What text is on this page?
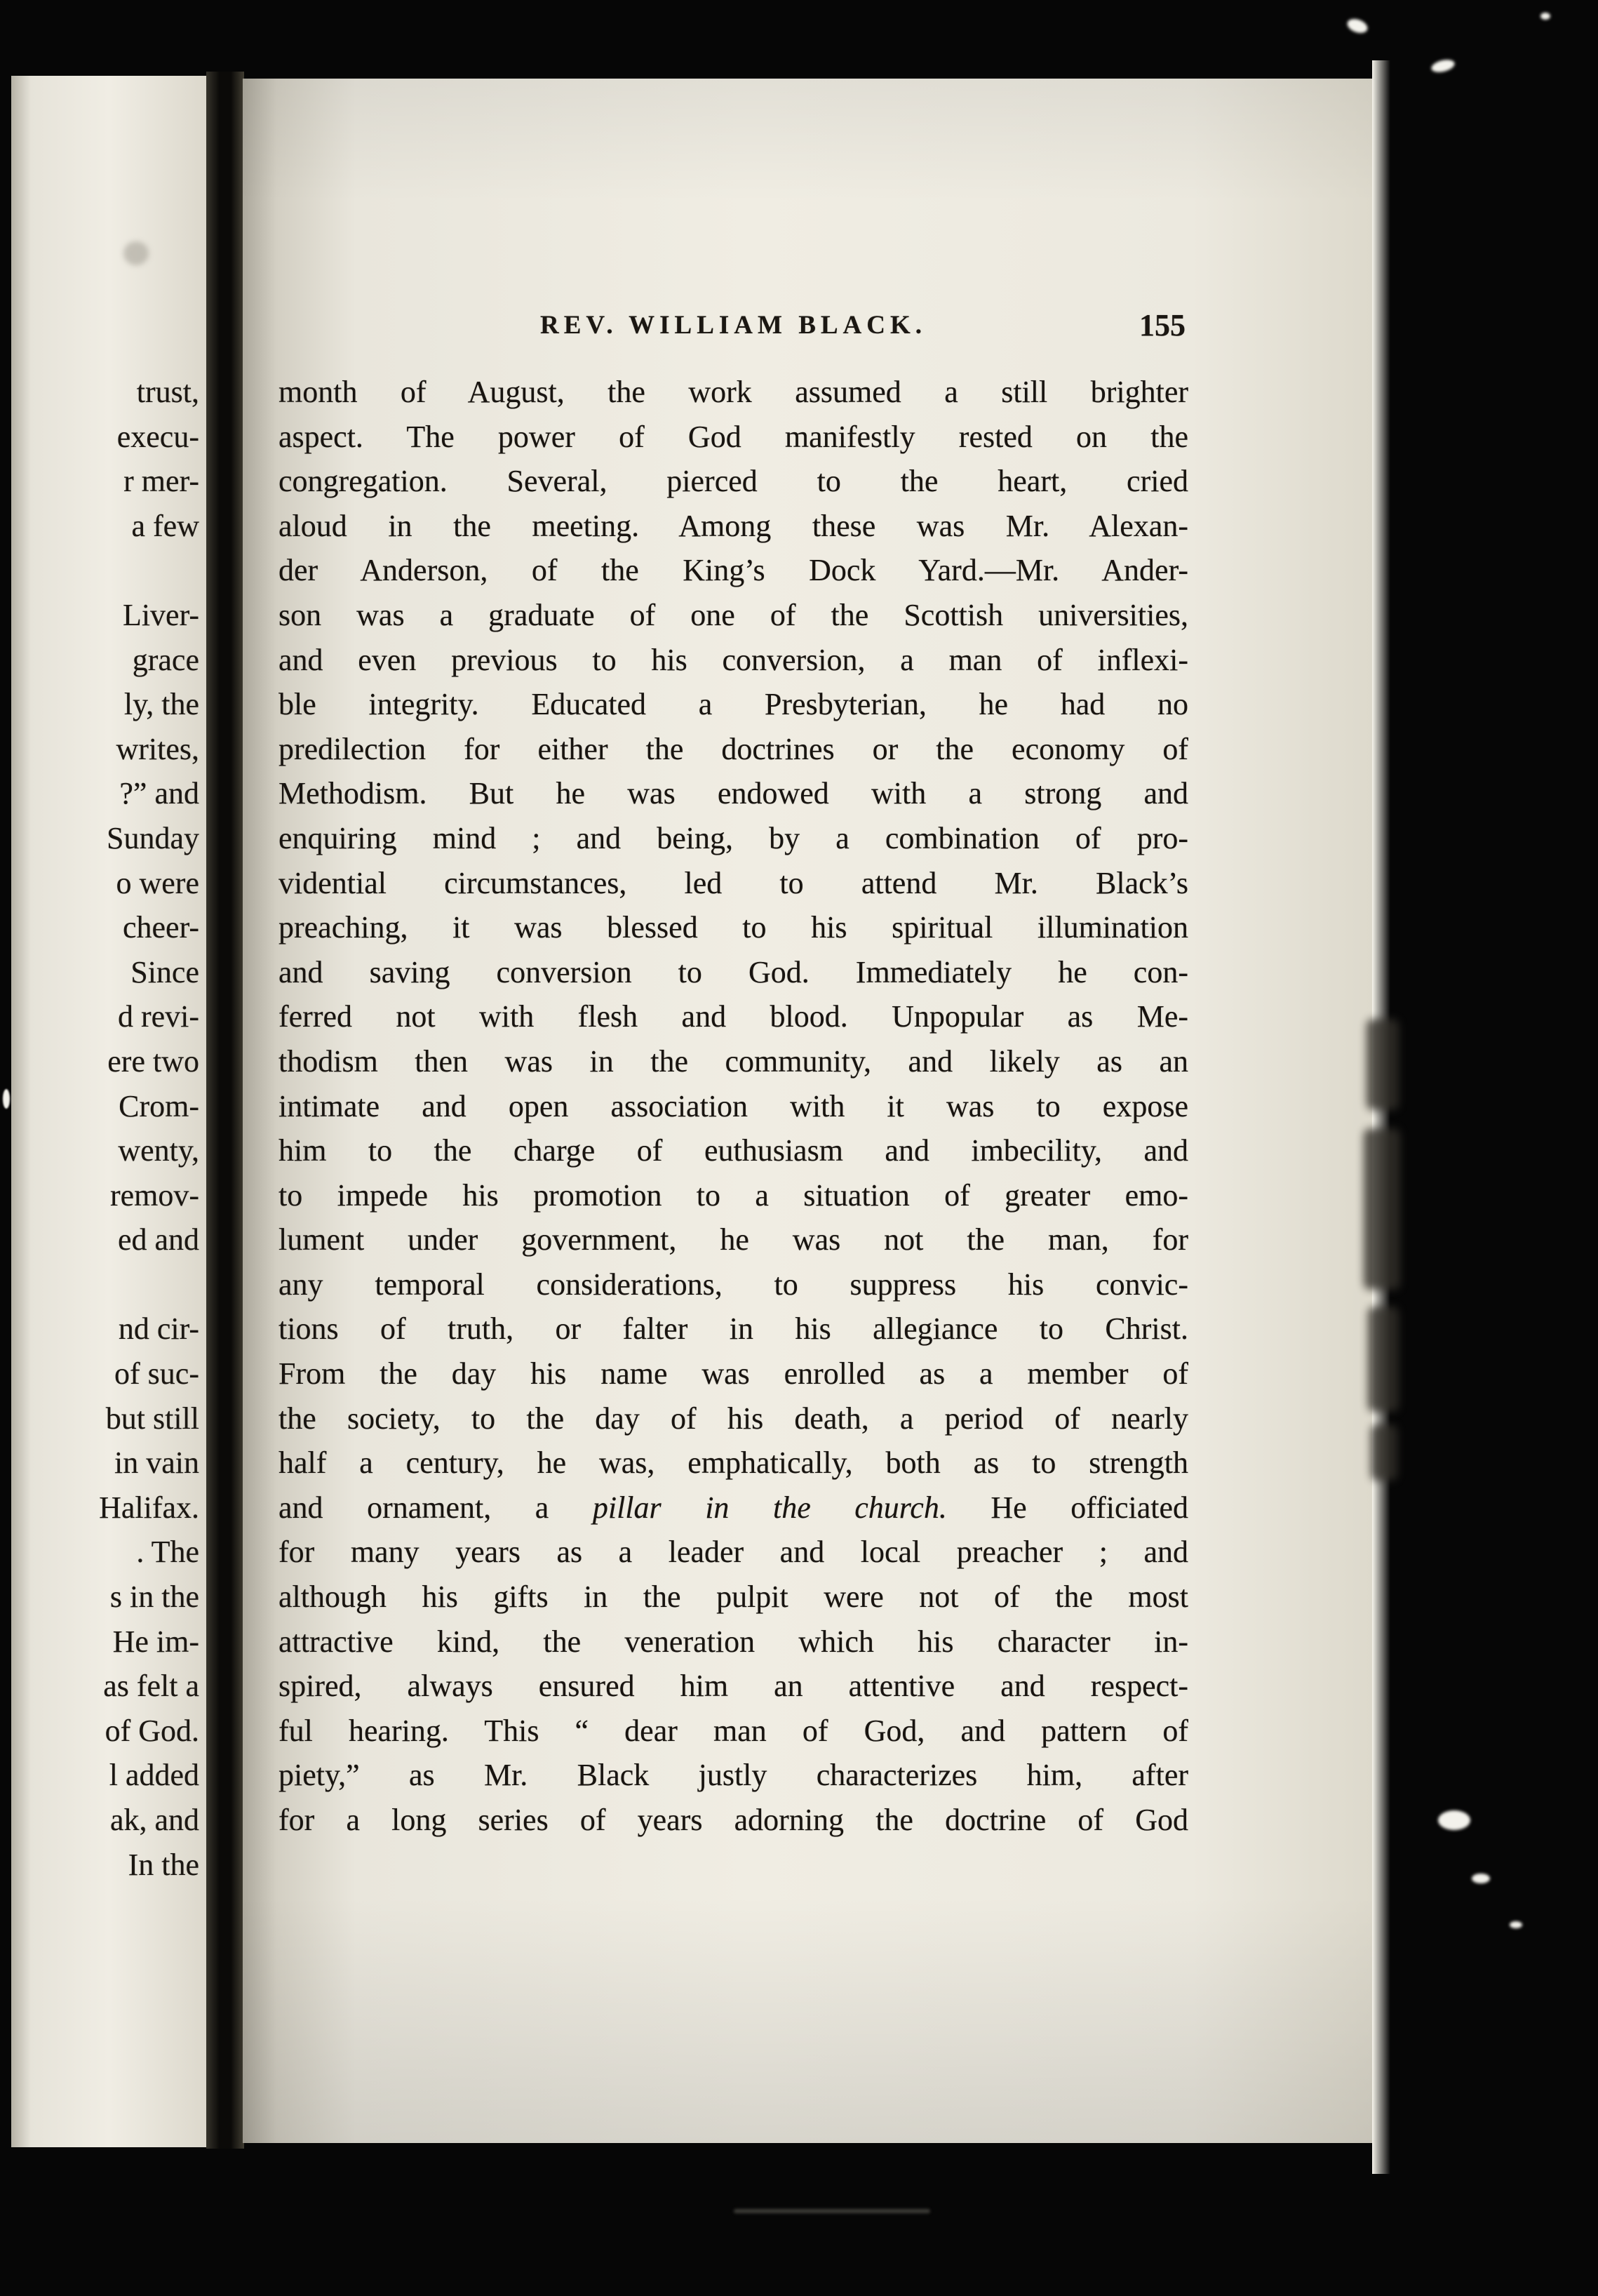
trust,
execu-
r mer-
a few
Liver-
grace
ly, the
writes,
?” and
Sunday
o were
cheer-
Since
d revi-
ere two
Crom-
wenty,
remov-
ed and
nd cir-
of suc-
but still
in vain
Halifax.
. The
s in the
He im-
as felt a
of God.
l added
ak, and
In the
REV. WILLIAM BLACK.	155
month of August, the work assumed a still brighter
aspect. The power of God manifestly rested on the
congregation. Several, pierced to the heart, cried
aloud in the meeting. Among these was Mr. Alexan-
der Anderson, of the King’s Dock Yard.—Mr. Ander-
son was a graduate of one of the Scottish universities,
and even previous to his conversion, a man of inflexi-
ble integrity. Educated a Presbyterian, he had no
predilection for either the doctrines or the economy of
Methodism. But he was endowed with a strong and
enquiring mind ; and being, by a combination of pro-
vidential circumstances, led to attend Mr. Black’s
preaching, it was blessed to his spiritual illumination
and saving conversion to God. Immediately he con-
ferred not with flesh and blood. Unpopular as Me-
thodism then was in the community, and likely as an
intimate and open association with it was to expose
him to the charge of euthusiasm and imbecility, and
to impede his promotion to a situation of greater emo-
lument under government, he was not the man, for
any temporal considerations, to suppress his convic-
tions of truth, or falter in his allegiance to Christ.
From the day his name was enrolled as a member of
the society, to the day of his death, a period of nearly
half a century, he was, emphatically, both as to strength
and ornament, a pillar in the church. He officiated
for many years as a leader and local preacher ; and
although his gifts in the pulpit were not of the most
attractive kind, the veneration which his character in-
spired, always ensured him an attentive and respect-
ful hearing. This “ dear man of God, and pattern of
piety,” as Mr. Black justly characterizes him, after
for a long series of years adorning the doctrine of God
